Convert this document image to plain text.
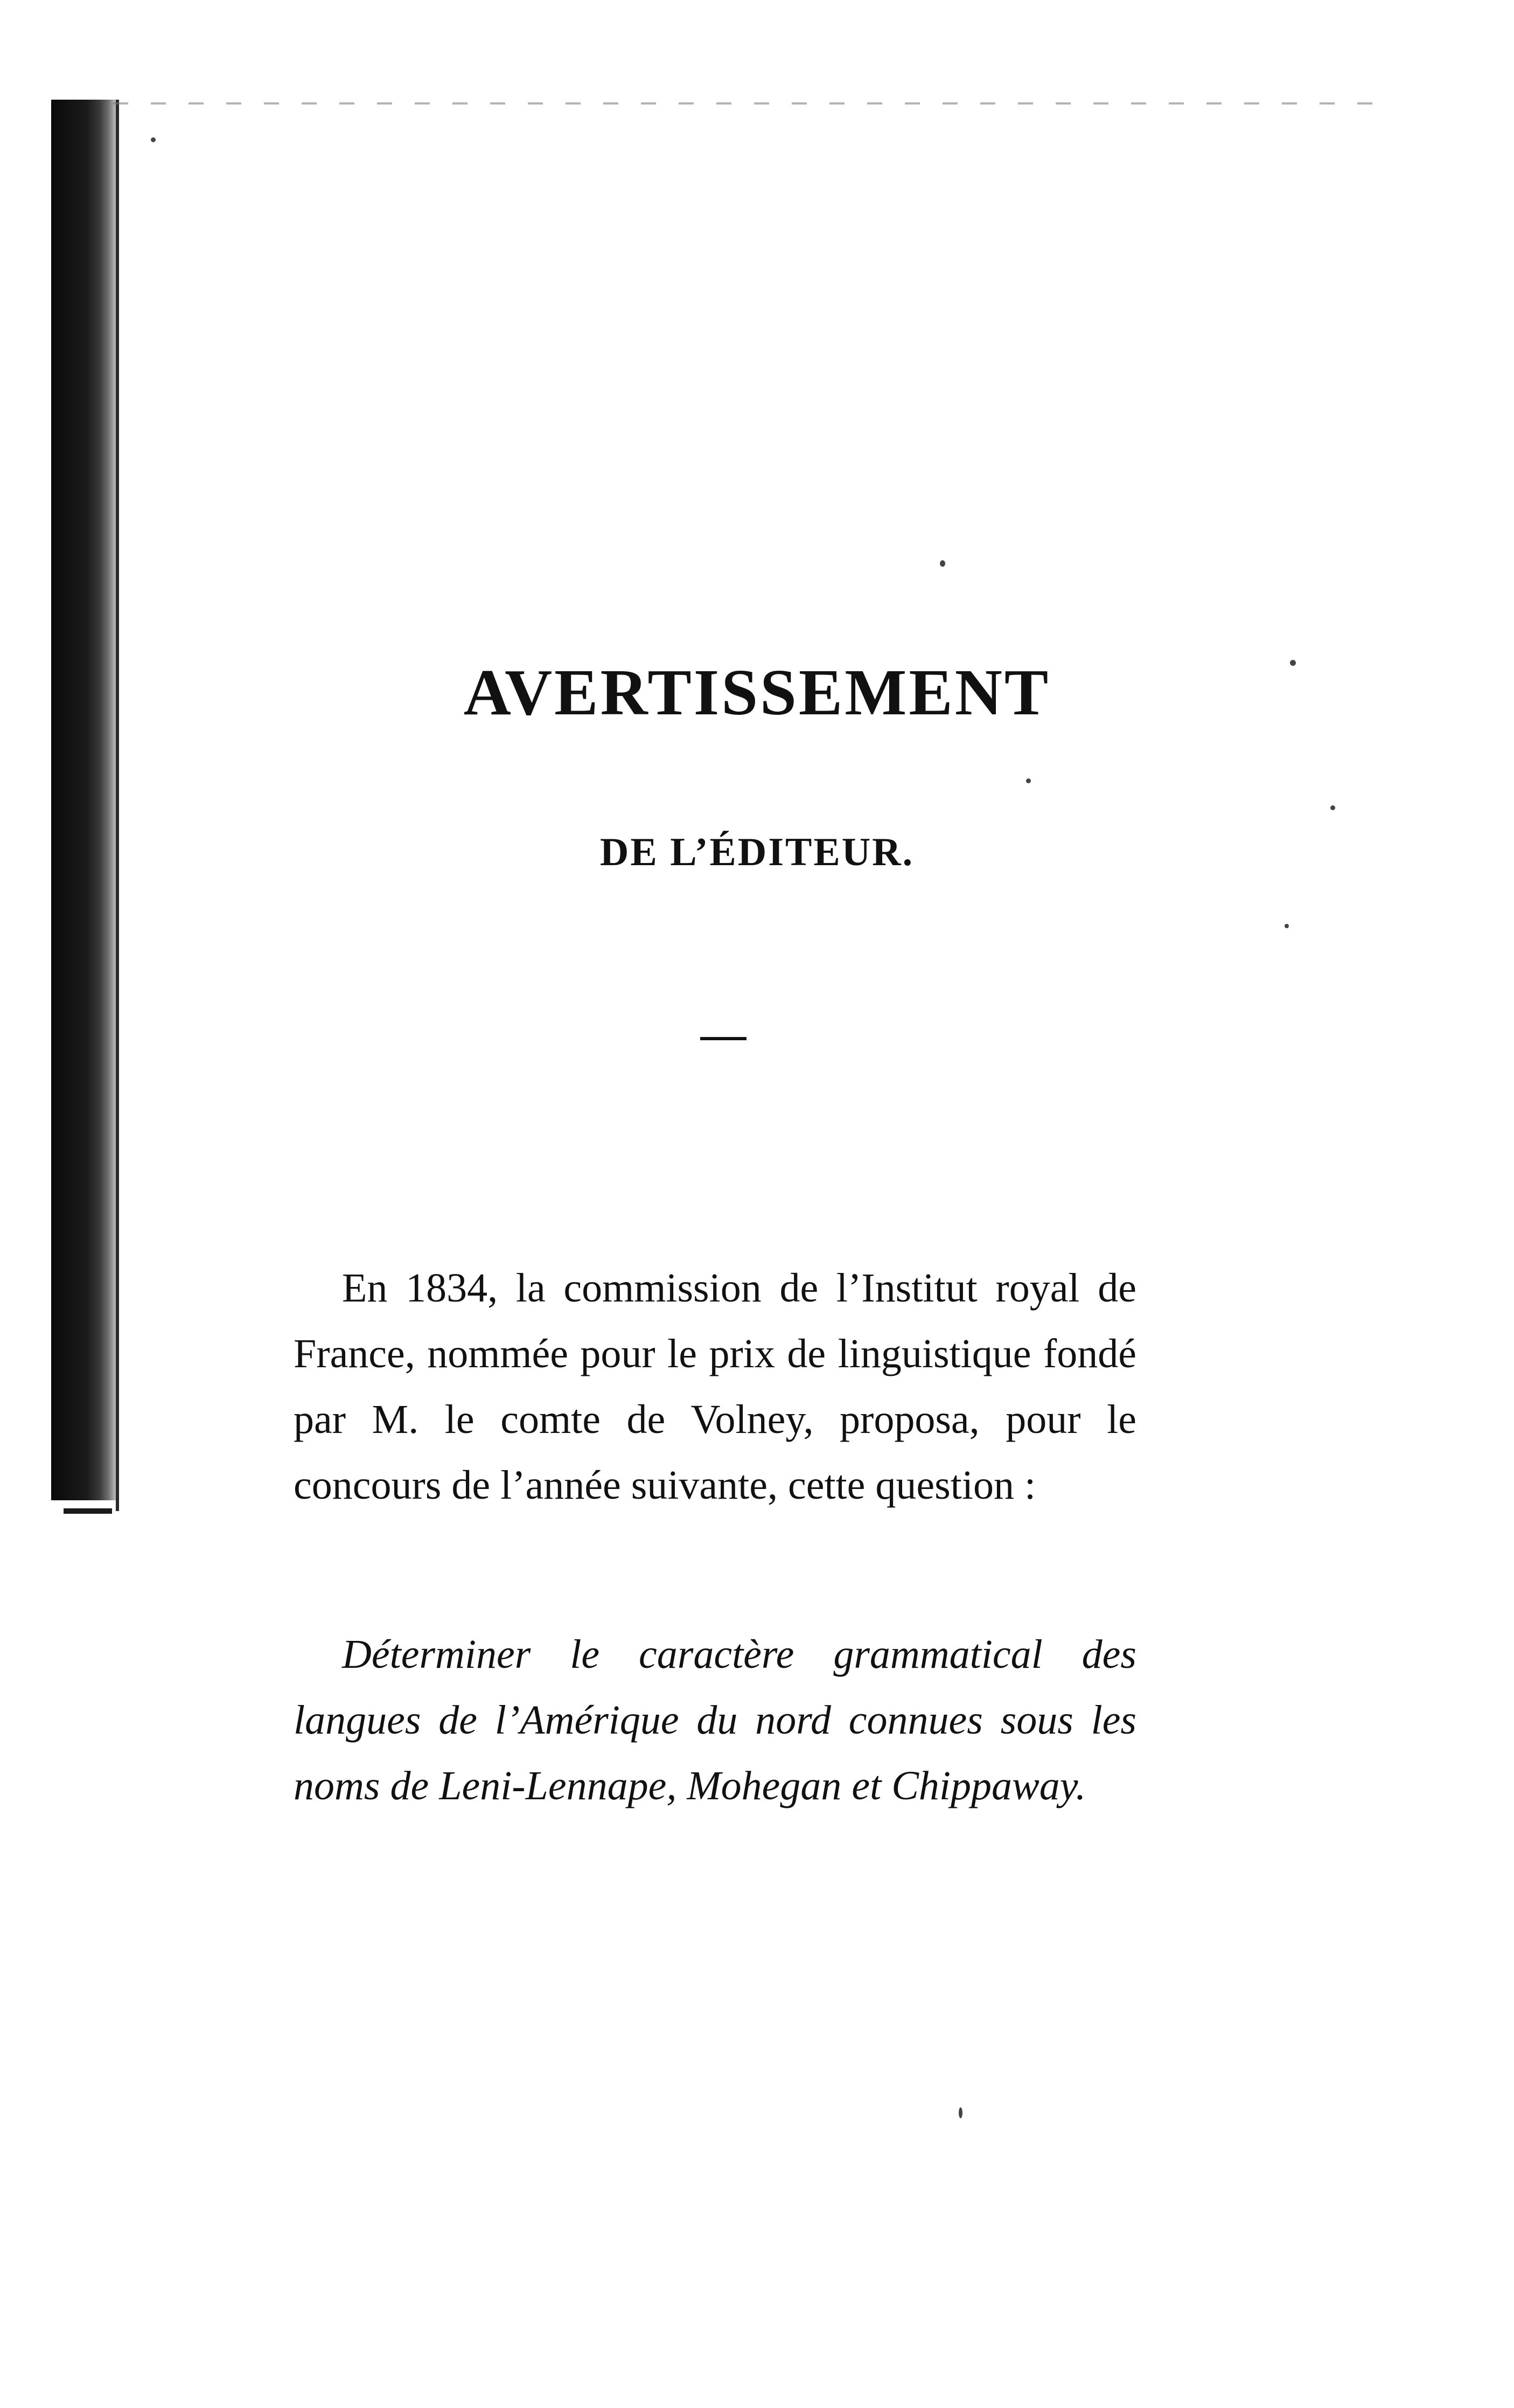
AVERTISSEMENT
DE L’ÉDITEUR.

En 1834, la commission de l’Institut royal de France, nommée pour le prix de linguistique fondé par M. le comte de Volney, proposa, pour le concours de l’année suivante, cette question :

Déterminer le caractère grammatical des langues de l’Amérique du nord connues sous les noms de Leni-Lennape, Mohegan et Chippaway.
